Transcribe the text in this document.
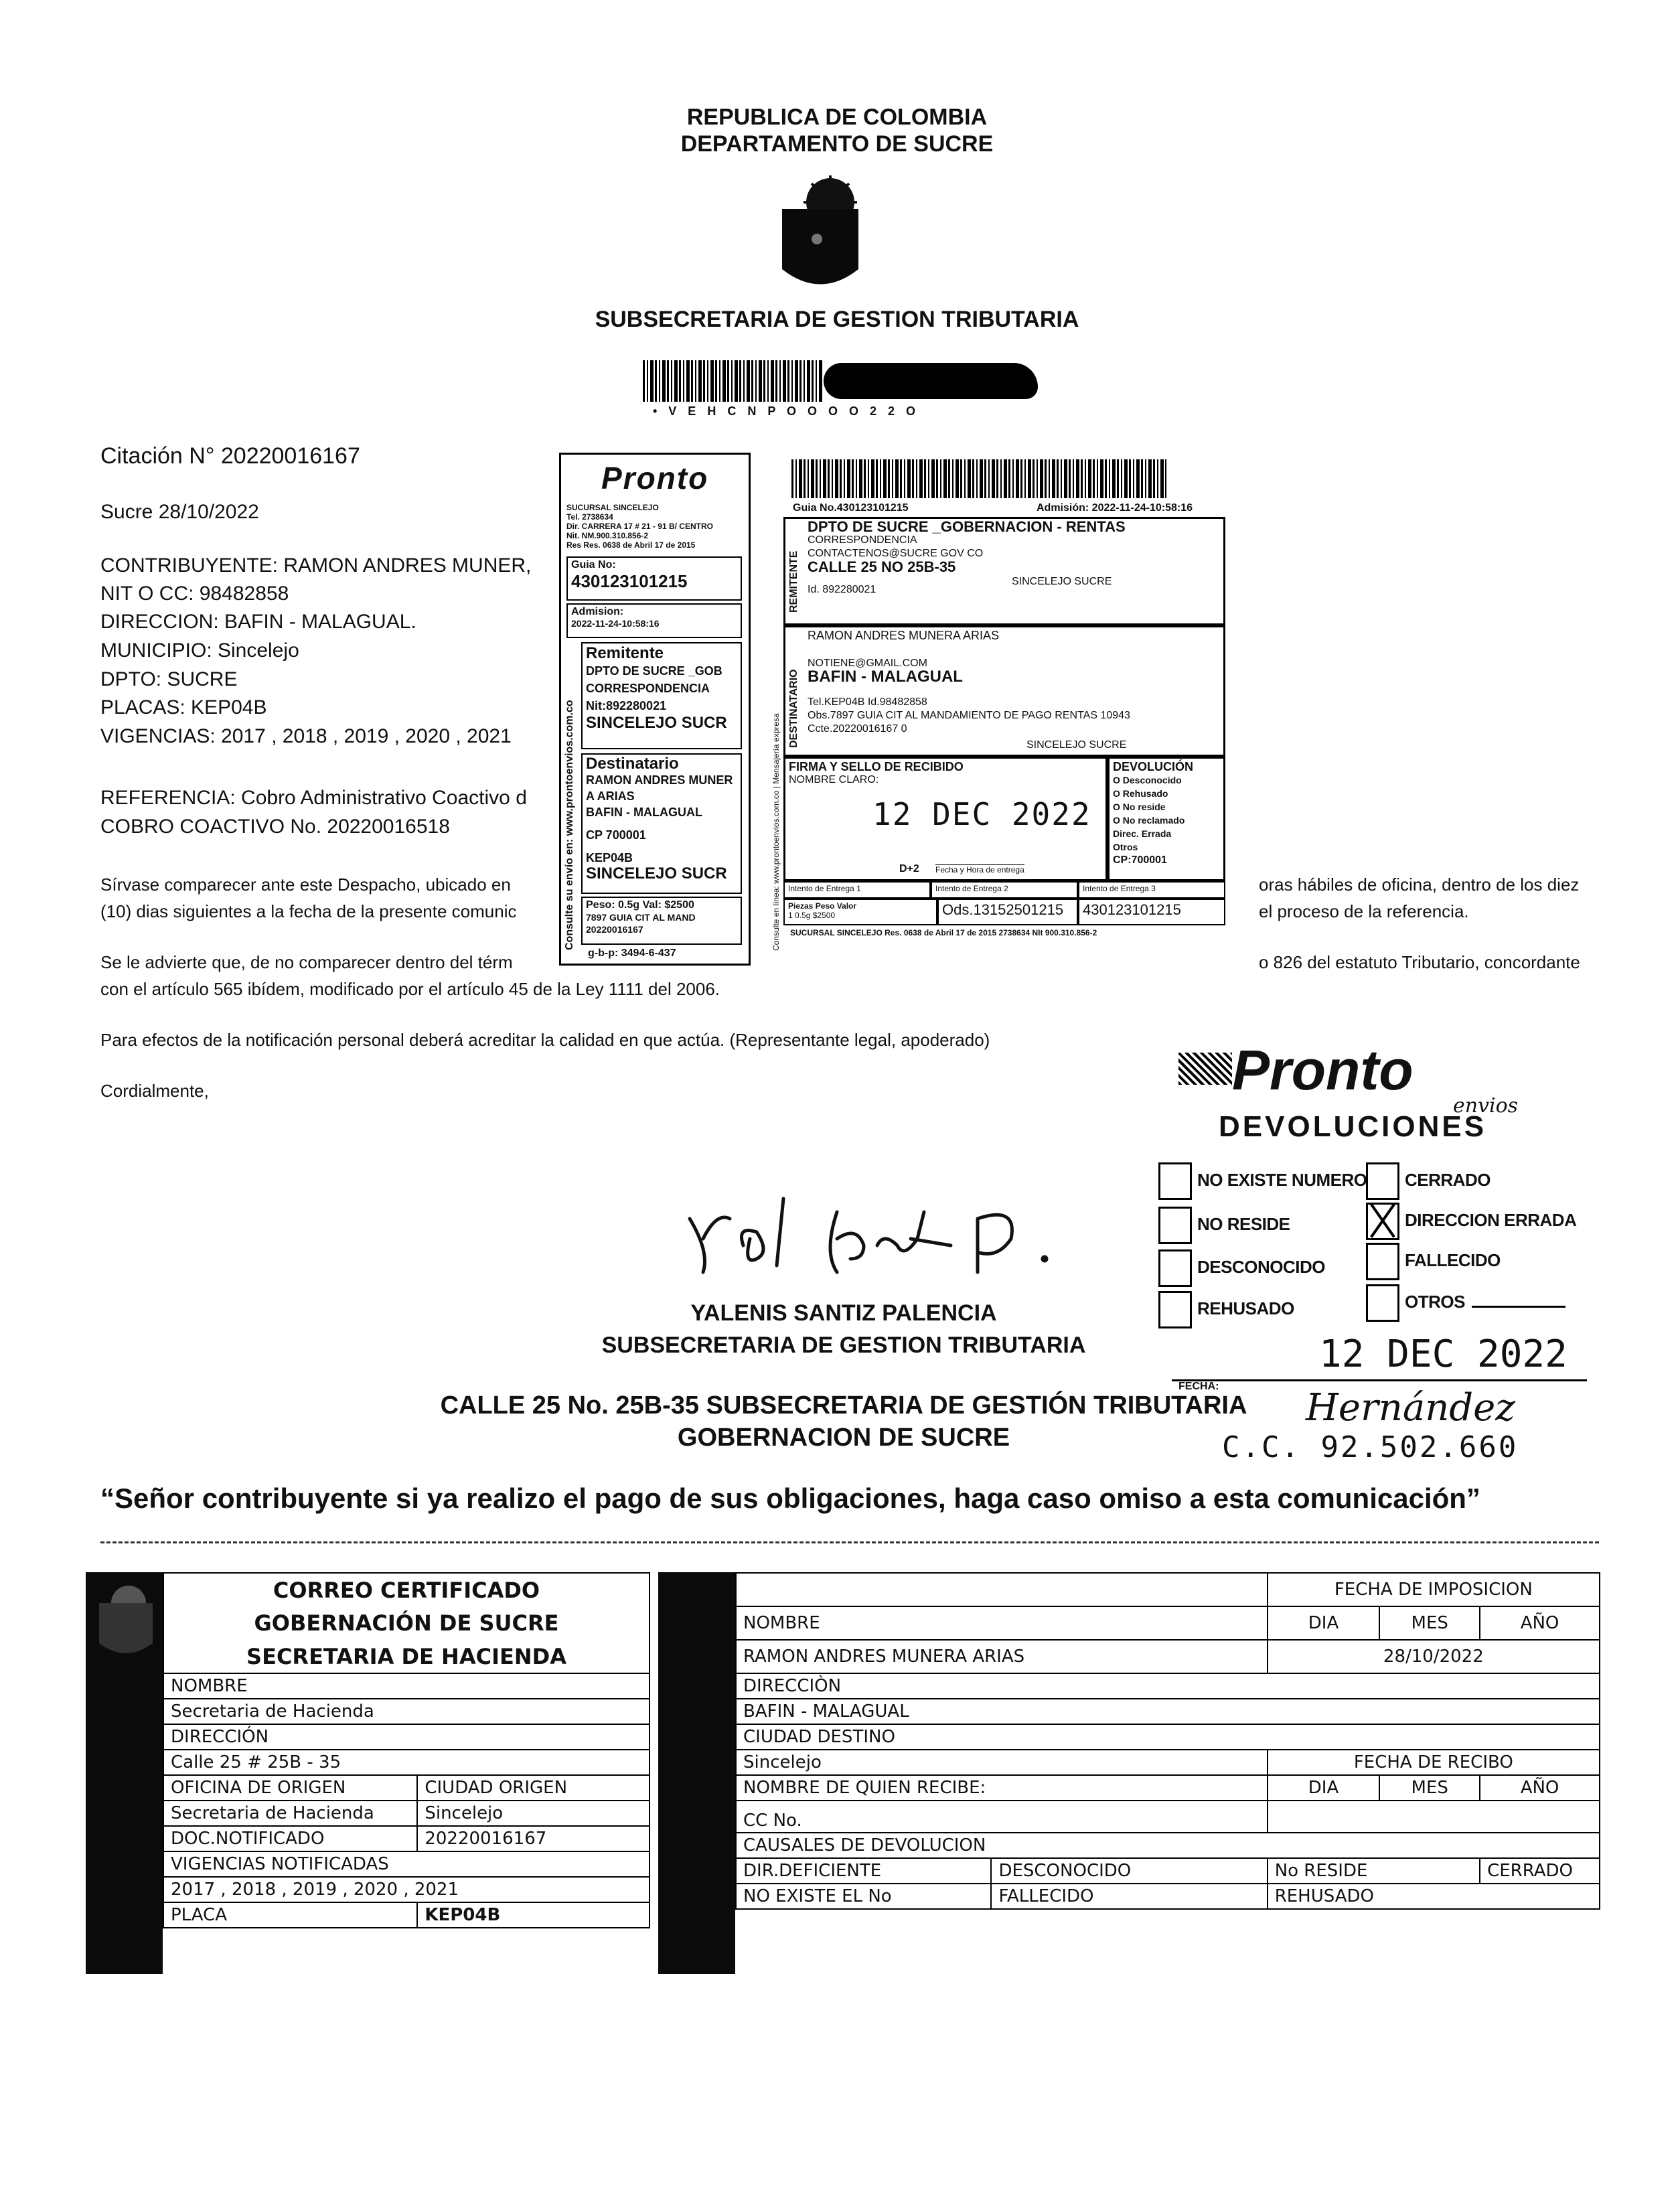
REPUBLICA DE COLOMBIA
DEPARTAMENTO DE SUCRE
SUBSECRETARIA DE GESTION TRIBUTARIA
• V E H C N P O O O O 2 2 O
Citación N° 20220016167
Sucre 28/10/2022
CONTRIBUYENTE: RAMON ANDRES MUNER,
NIT O CC: 98482858
DIRECCION: BAFIN - MALAGUAL.
MUNICIPIO: Sincelejo
DPTO: SUCRE
PLACAS: KEP04B
VIGENCIAS: 2017 , 2018 , 2019 , 2020 , 2021
REFERENCIA: Cobro Administrativo Coactivo d
COBRO COACTIVO No. 20220016518
Sírvase comparecer ante este Despacho, ubicado en	oras hábiles de oficina, dentro de los diez
(10) dias siguientes a la fecha de la presente comunic	el proceso de la referencia.
Se le advierte que, de no comparecer dentro del térm	o 826 del estatuto Tributario, concordante
con el artículo 565 ibídem, modificado por el artículo 45 de la Ley 1111 del 2006.
Para efectos de la notificación personal deberá acreditar la calidad en que actúa. (Representante legal, apoderado)
Cordialmente,
Pronto
SUCURSAL SINCELEJO
Tel. 2738634
Dir. CARRERA 17 # 21 - 91 B/ CENTRO
Nit. NM.900.310.856-2
Res Res. 0638 de Abril 17 de 2015
Guia No:
430123101215
Admision:
2022-11-24-10:58:16
Remitente
DPTO DE SUCRE _GOB
CORRESPONDENCIA
Nit:892280021
SINCELEJO SUCR
Destinatario
RAMON ANDRES MUNER
A ARIAS
BAFIN - MALAGUAL
CP 700001
KEP04B
SINCELEJO SUCR
Peso: 0.5g Val: $2500
7897 GUIA CIT AL MAND
20220016167
g-b-p: 3494-6-437
Consulte su envío en: www.prontoenvios.com.co
Guia No.430123101215	Admisión: 2022-11-24-10:58:16
REMITENTE
DPTO DE SUCRE _GOBERNACION - RENTAS
CORRESPONDENCIA
CONTACTENOS@SUCRE GOV CO
CALLE 25 NO 25B-35
SINCELEJO SUCRE
Id. 892280021
DESTINATARIO
RAMON ANDRES MUNERA ARIAS
NOTIENE@GMAIL.COM
BAFIN - MALAGUAL
Tel.KEP04B Id.98482858
Obs.7897 GUIA CIT AL MANDAMIENTO DE PAGO RENTAS 10943
Ccte.20220016167 0
SINCELEJO SUCRE
FIRMA Y SELLO DE RECIBIDO
NOMBRE CLARO:
12 DEC 2022
D+2 Fecha y Hora de entrega
DEVOLUCIÓN
O Desconocido
O Rehusado
O No reside
O No reclamado
Direc. Errada
Otros
CP:700001
Intento de Entrega 1	Intento de Entrega 2	Intento de Entrega 3
Piezas Peso Valor
1 0.5g $2500	Ods.13152501215	430123101215
SUCURSAL SINCELEJO Res. 0638 de Abril 17 de 2015 2738634 NIt 900.310.856-2
Consulte en línea: www.prontoenvios.com.co | Mensajería expresa
YALENIS SANTIZ PALENCIA
SUBSECRETARIA DE GESTION TRIBUTARIA
CALLE 25 No. 25B-35 SUBSECRETARIA DE GESTIÓN TRIBUTARIA
GOBERNACION DE SUCRE
Pronto
envios
DEVOLUCIONES
NO EXISTE NUMERO	CERRADO
NO RESIDE	DIRECCION ERRADA
DESCONOCIDO	FALLECIDO
REHUSADO	OTROS
12 DEC 2022
FECHA: Hernández
C.C. 92.502.660
“Señor contribuyente si ya realizo el pago de sus obligaciones, haga caso omiso a esta comunicación”
CORREO CERTIFICADO	
GOBERNACIÓN DE SUCRE	
SECRETARIA DE HACIENDA	
NOMBRE	
Secretaria de Hacienda	
DIRECCIÓN	
Calle 25 # 25B - 35	
OFICINA DE ORIGEN	CIUDAD ORIGEN
Secretaria de Hacienda	Sincelejo
DOC.NOTIFICADO	20220016167
VIGENCIAS NOTIFICADAS	
2017 , 2018 , 2019 , 2020 , 2021	
PLACA	KEP04B
		FECHA DE IMPOSICION		
NOMBRE		DIA	MES	AÑO
RAMON ANDRES MUNERA ARIAS		28/10/2022		
DIRECCIÒN				
BAFIN - MALAGUAL				
CIUDAD DESTINO				
Sincelejo		FECHA DE RECIBO		
NOMBRE DE QUIEN RECIBE:		DIA	MES	AÑO
CC No.				
CAUSALES DE DEVOLUCION				
DIR.DEFICIENTE	DESCONOCIDO	No RESIDE		CERRADO
NO EXISTE EL No	FALLECIDO	REHUSADO		
